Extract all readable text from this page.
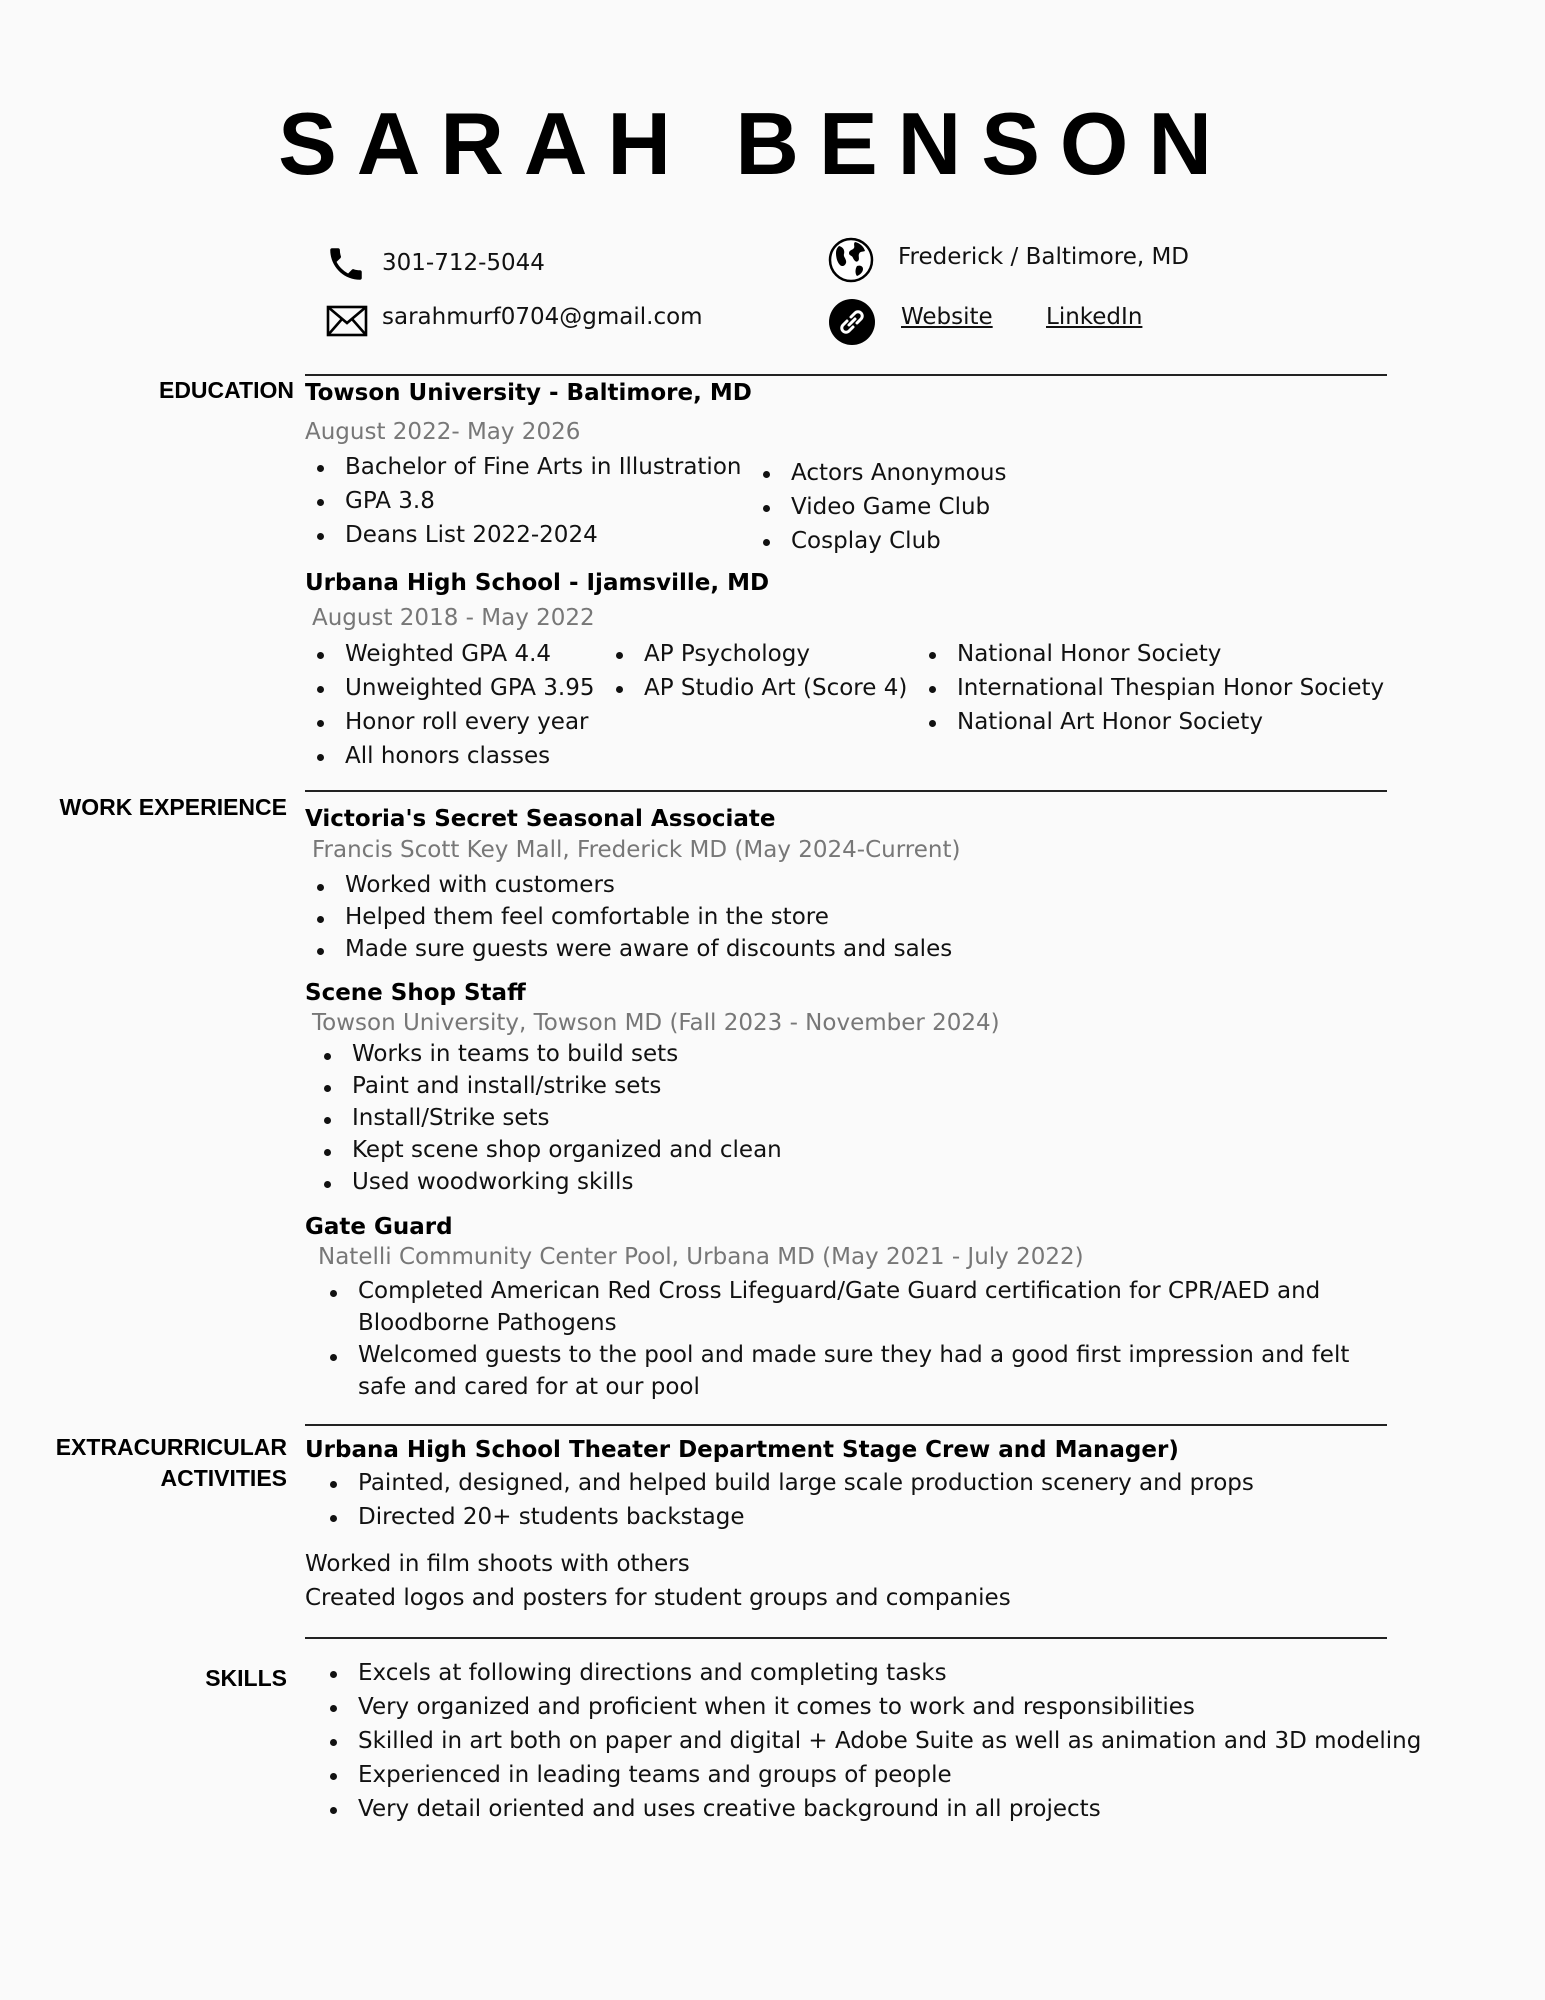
SARAH BENSON
301-712-5044
sarahmurf0704@gmail.com
Frederick / Baltimore, MD
Website LinkedIn
EDUCATION Towson University - Baltimore, MD
August 2022- May 2026
Bachelor of Fine Arts in Illustration
GPA 3.8
Deans List 2022-2024
Actors Anonymous
Video Game Club
Cosplay Club
Urbana High School - Ijamsville, MD
August 2018 - May 2022
Weighted GPA 4.4
Unweighted GPA 3.95
Honor roll every year
All honors classes
AP Psychology
AP Studio Art (Score 4)
National Honor Society
International Thespian Honor Society
National Art Honor Society
WORK EXPERIENCE Victoria's Secret Seasonal Associate
Francis Scott Key Mall, Frederick MD (May 2024-Current)
Worked with customers
Helped them feel comfortable in the store
Made sure guests were aware of discounts and sales
Scene Shop Staff
Towson University, Towson MD (Fall 2023 - November 2024)
Works in teams to build sets
Paint and install/strike sets
Install/Strike sets
Kept scene shop organized and clean
Used woodworking skills
Gate Guard
Natelli Community Center Pool, Urbana MD (May 2021 - July 2022)
Completed American Red Cross Lifeguard/Gate Guard certification for CPR/AED and Bloodborne Pathogens
Welcomed guests to the pool and made sure they had a good first impression and felt safe and cared for at our pool
EXTRACURRICULAR
ACTIVITIES
Urbana High School Theater Department Stage Crew and Manager)
Painted, designed, and helped build large scale production scenery and props
Directed 20+ students backstage
Worked in film shoots with others
Created logos and posters for student groups and companies
SKILLS	Excels at following directions and completing tasks
Very organized and proficient when it comes to work and responsibilities
Skilled in art both on paper and digital + Adobe Suite as well as animation and 3D modeling
Experienced in leading teams and groups of people
Very detail oriented and uses creative background in all projects
